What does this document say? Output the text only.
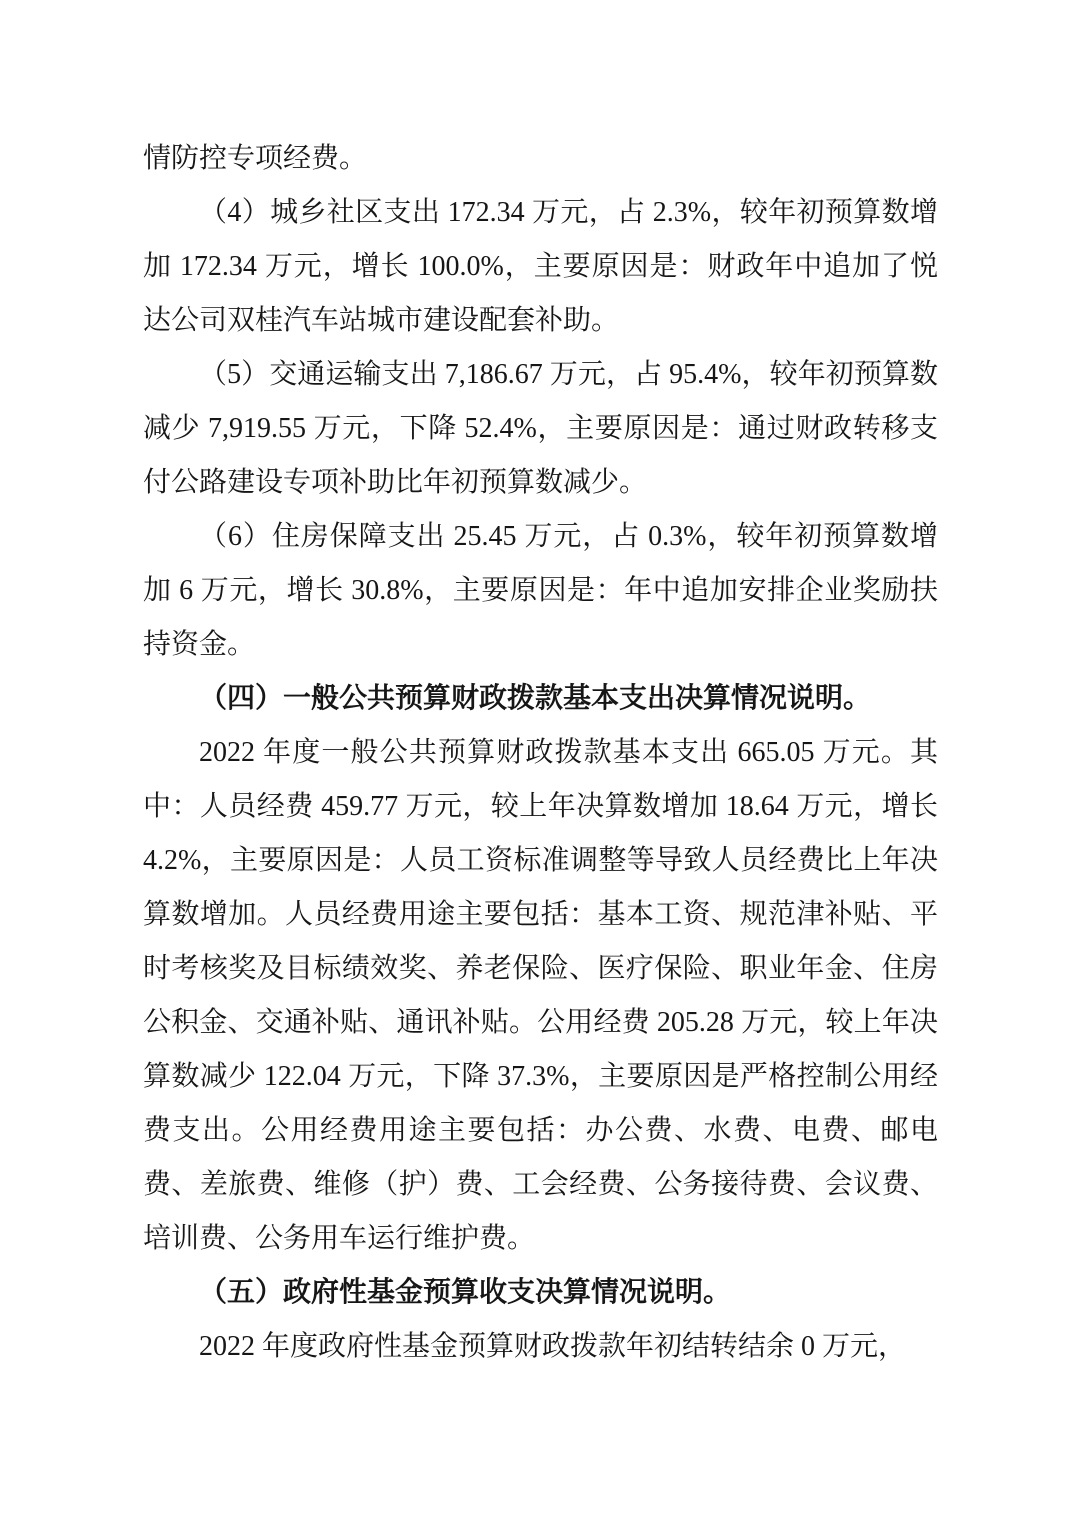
情防控专项经费。

（4）城乡社区支出 172.34 万元，占 2.3%，较年初预算数增加 172.34 万元，增长 100.0%，主要原因是：财政年中追加了悦达公司双桂汽车站城市建设配套补助。

（5）交通运输支出 7,186.67 万元，占 95.4%，较年初预算数减少 7,919.55 万元，下降 52.4%，主要原因是：通过财政转移支付公路建设专项补助比年初预算数减少。

（6）住房保障支出 25.45 万元，占 0.3%，较年初预算数增加 6 万元，增长 30.8%，主要原因是：年中追加安排企业奖励扶持资金。

（四）一般公共预算财政拨款基本支出决算情况说明。

2022 年度一般公共预算财政拨款基本支出 665.05 万元。其中：人员经费 459.77 万元，较上年决算数增加 18.64 万元，增长 4.2%，主要原因是：人员工资标准调整等导致人员经费比上年决算数增加。人员经费用途主要包括：基本工资、规范津补贴、平时考核奖及目标绩效奖、养老保险、医疗保险、职业年金、住房公积金、交通补贴、通讯补贴。公用经费 205.28 万元，较上年决算数减少 122.04 万元，下降 37.3%，主要原因是严格控制公用经费支出。公用经费用途主要包括：办公费、水费、电费、邮电费、差旅费、维修（护）费、工会经费、公务接待费、会议费、培训费、公务用车运行维护费。

（五）政府性基金预算收支决算情况说明。

2022 年度政府性基金预算财政拨款年初结转结余 0 万元，
